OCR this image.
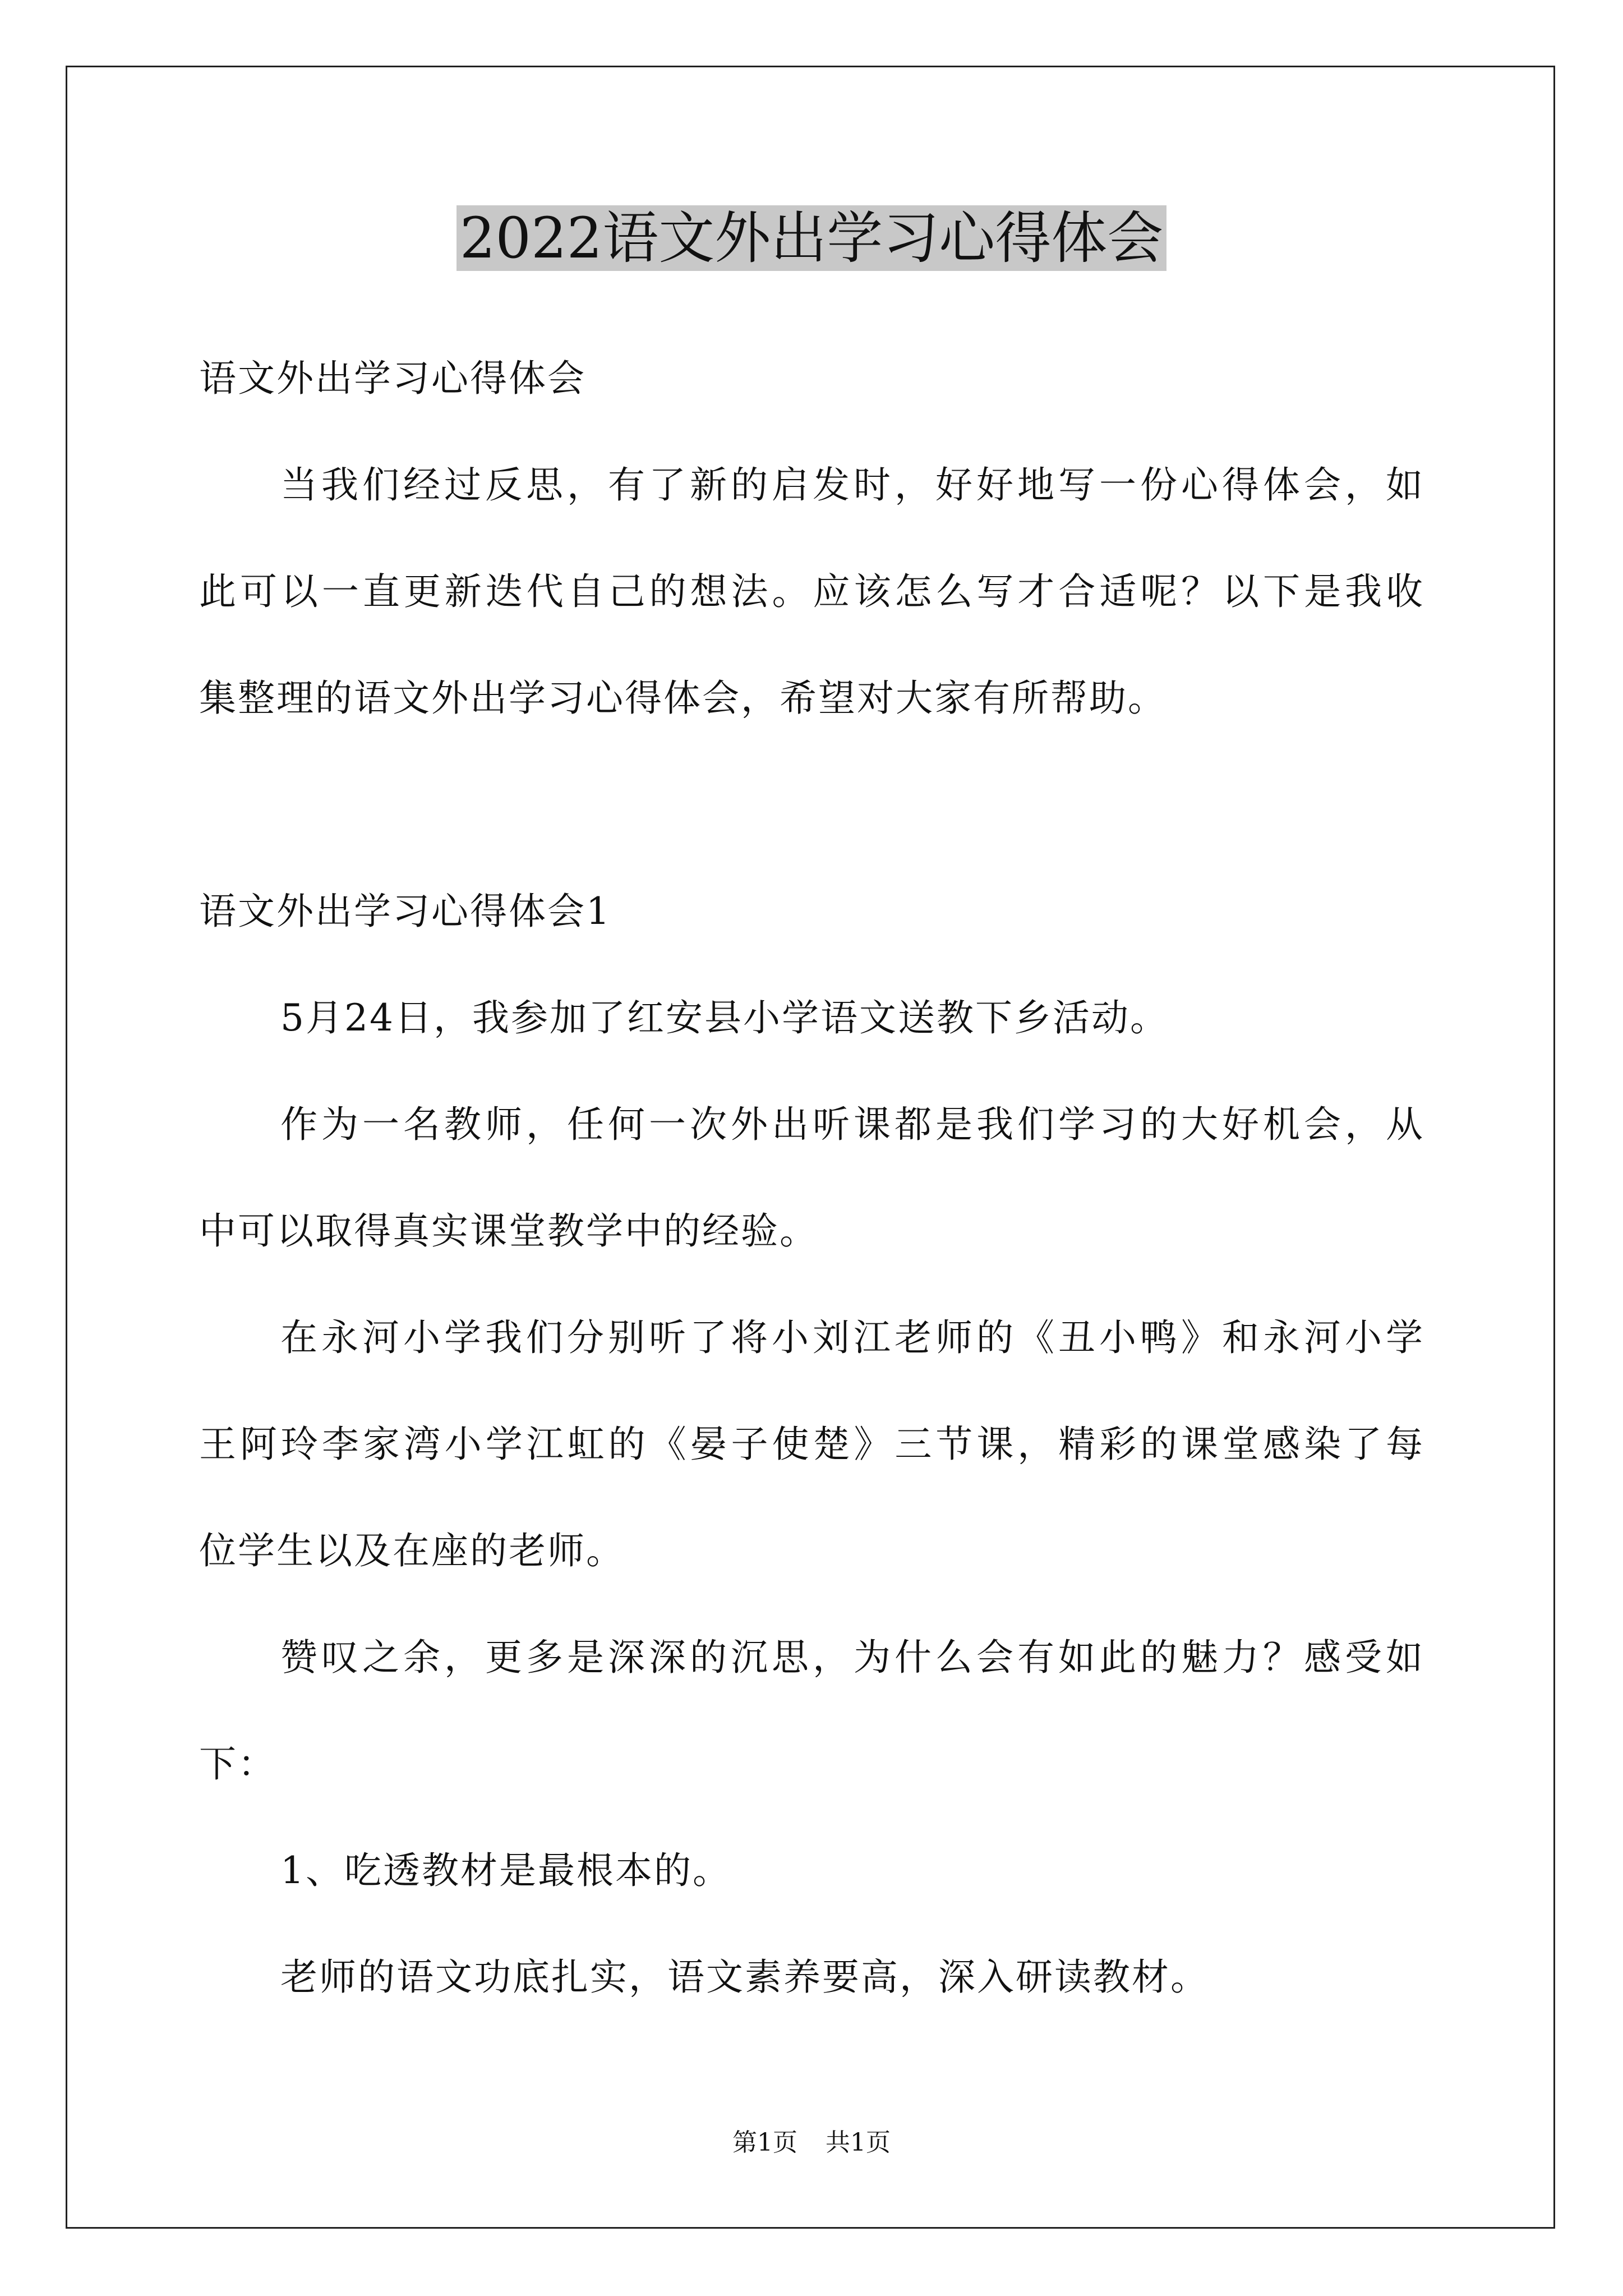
2022语文外出学习心得体会
语文外出学习心得体会
当我们经过反思，有了新的启发时，好好地写一份心得体会，如
此可以一直更新迭代自己的想法。应该怎么写才合适呢？以下是我收
集整理的语文外出学习心得体会，希望对大家有所帮助。
语文外出学习心得体会1
5月24日，我参加了红安县小学语文送教下乡活动。
作为一名教师，任何一次外出听课都是我们学习的大好机会，从
中可以取得真实课堂教学中的经验。
在永河小学我们分别听了将小刘江老师的《丑小鸭》和永河小学
王阿玲李家湾小学江虹的《晏子使楚》三节课，精彩的课堂感染了每
位学生以及在座的老师。
赞叹之余，更多是深深的沉思，为什么会有如此的魅力？感受如
下：
1、吃透教材是最根本的。
老师的语文功底扎实，语文素养要高，深入研读教材。
第1页 共1页
